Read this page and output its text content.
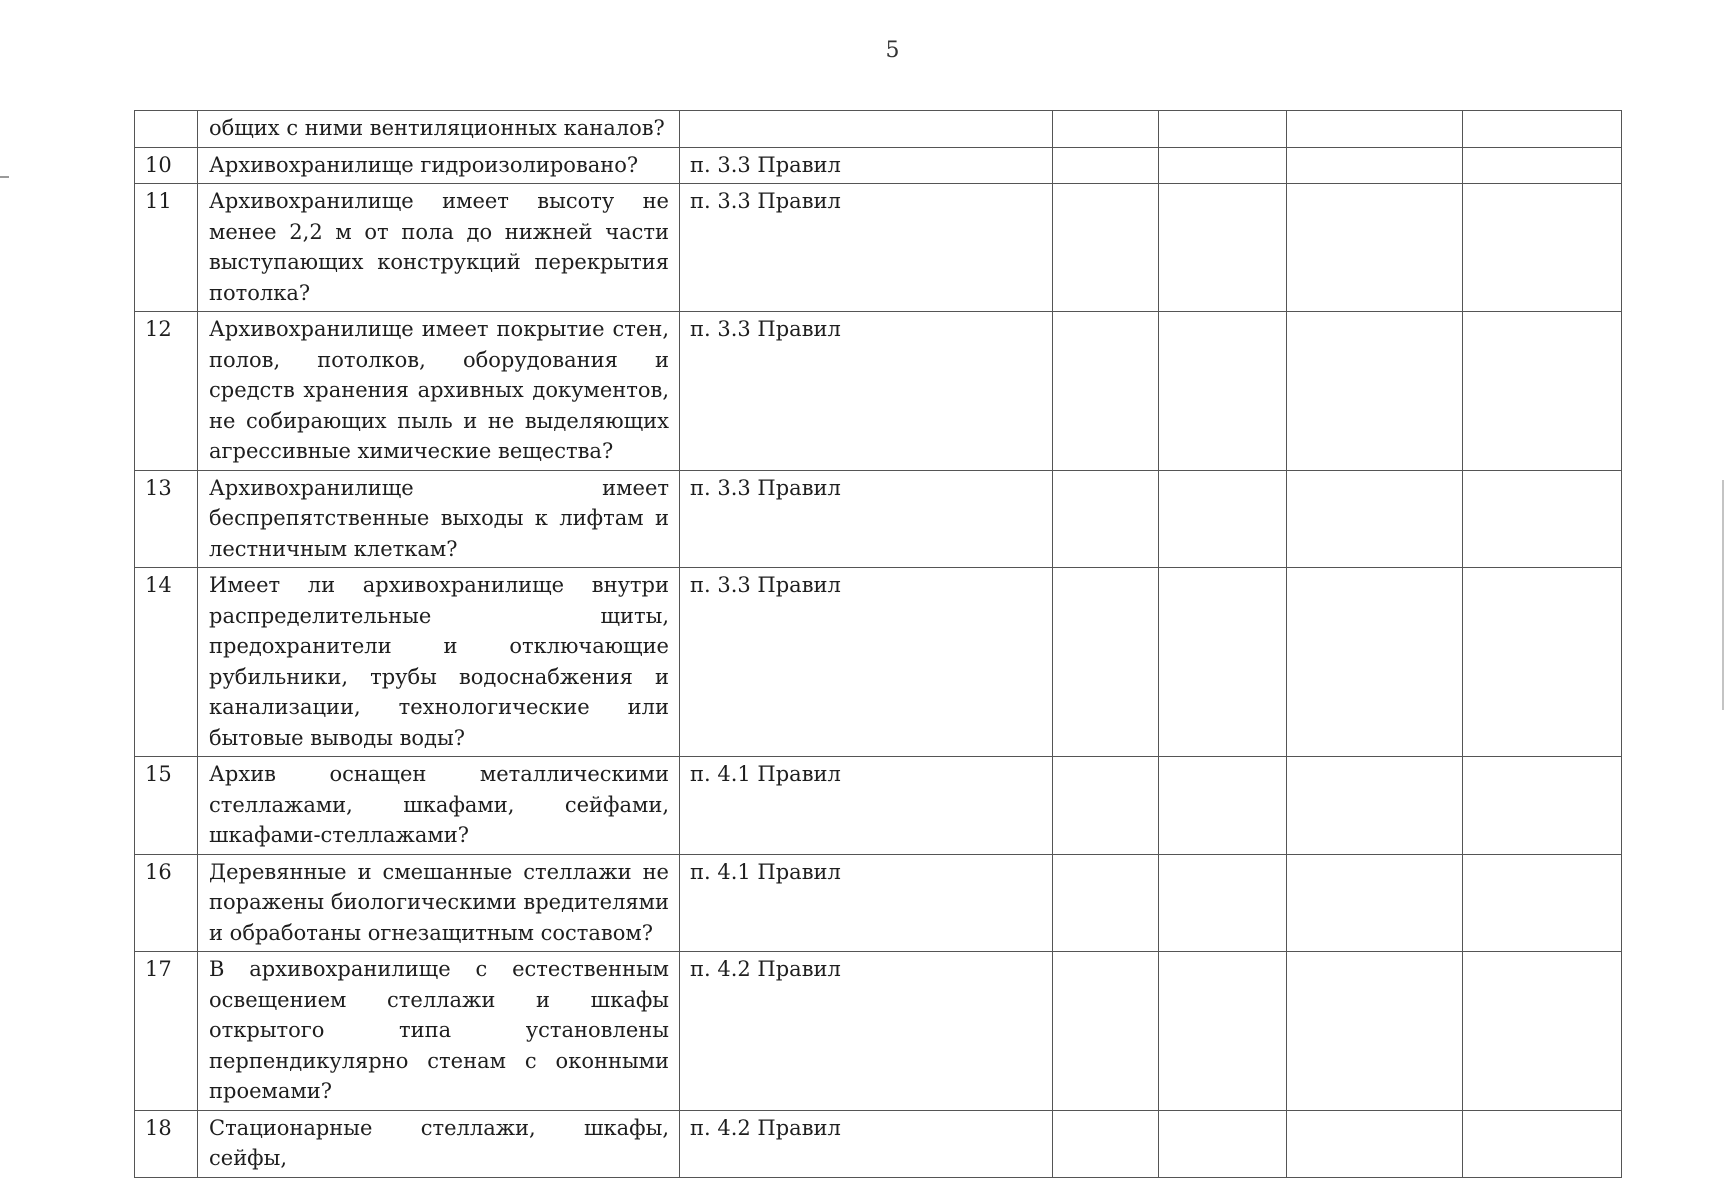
5
	общих с ними вентиляционных каналов?					
10	Архивохранилище гидроизолировано?	п. 3.3 Правил				
11	Архивохранилище имеет высоту не менее 2,2 м от пола до нижней части выступающих конструкций перекрытия потолка?	п. 3.3 Правил				
12	Архивохранилище имеет покрытие стен, полов, потолков, оборудования и средств хранения архивных документов, не собирающих пыль и не выделяющих агрессивные химические вещества?	п. 3.3 Правил				
13	Архивохранилище имеет беспрепятственные выходы к лифтам и лестничным клеткам?	п. 3.3 Правил				
14	Имеет ли архивохранилище внутри распределительные щиты, предохранители и отключающие рубильники, трубы водоснабжения и канализации, технологические или бытовые выводы воды?	п. 3.3 Правил				
15	Архив оснащен металлическими стеллажами, шкафами, сейфами, шкафами-стеллажами?	п. 4.1 Правил				
16	Деревянные и смешанные стеллажи не поражены биологическими вредителями и обработаны огнезащитным составом?	п. 4.1 Правил				
17	В архивохранилище с естественным освещением стеллажи и шкафы открытого типа установлены перпендикулярно стенам с оконными проемами?	п. 4.2 Правил				
18	Стационарные стеллажи, шкафы, сейфы,	п. 4.2 Правил				
